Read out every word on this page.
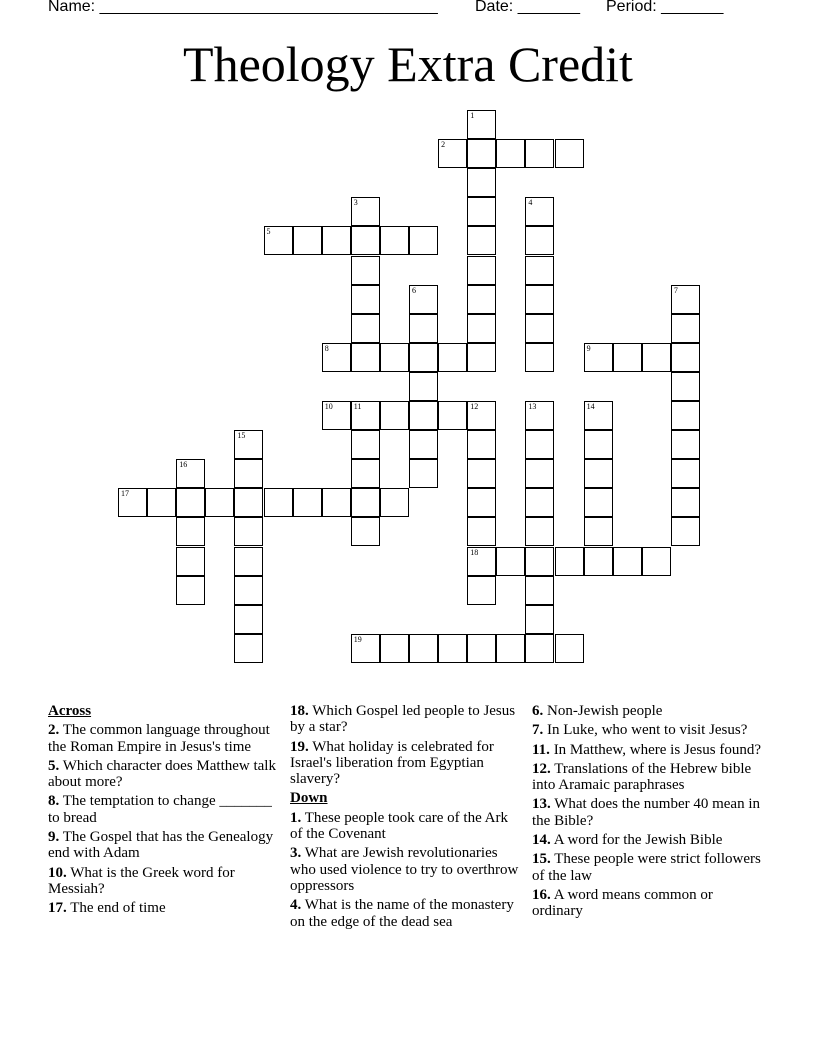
Name: ______________________________________ Date: _______ Period: _______
Theology Extra Credit
1
2
3	4
5
6	7
8	9
10	11	12
18
13	14
15
16
17
19
Across
2. The common language throughout the Roman Empire in Jesus's time
5. Which character does Matthew talk about more?
8. The temptation to change _______ to bread
9. The Gospel that has the Genealogy end with Adam
10. What is the Greek word for Messiah?
17. The end of time
18. Which Gospel led people to Jesus by a star?
19. What holiday is celebrated for Israel's liberation from Egyptian slavery?
Down
1. These people took care of the Ark of the Covenant
3. What are Jewish revolutionaries who used violence to try to overthrow oppressors
4. What is the name of the monastery on the edge of the dead sea
6. Non-Jewish people
7. In Luke, who went to visit Jesus?
11. In Matthew, where is Jesus found?
12. Translations of the Hebrew bible into Aramaic paraphrases
13. What does the number 40 mean in the Bible?
14. A word for the Jewish Bible
15. These people were strict followers of the law
16. A word means common or ordinary
